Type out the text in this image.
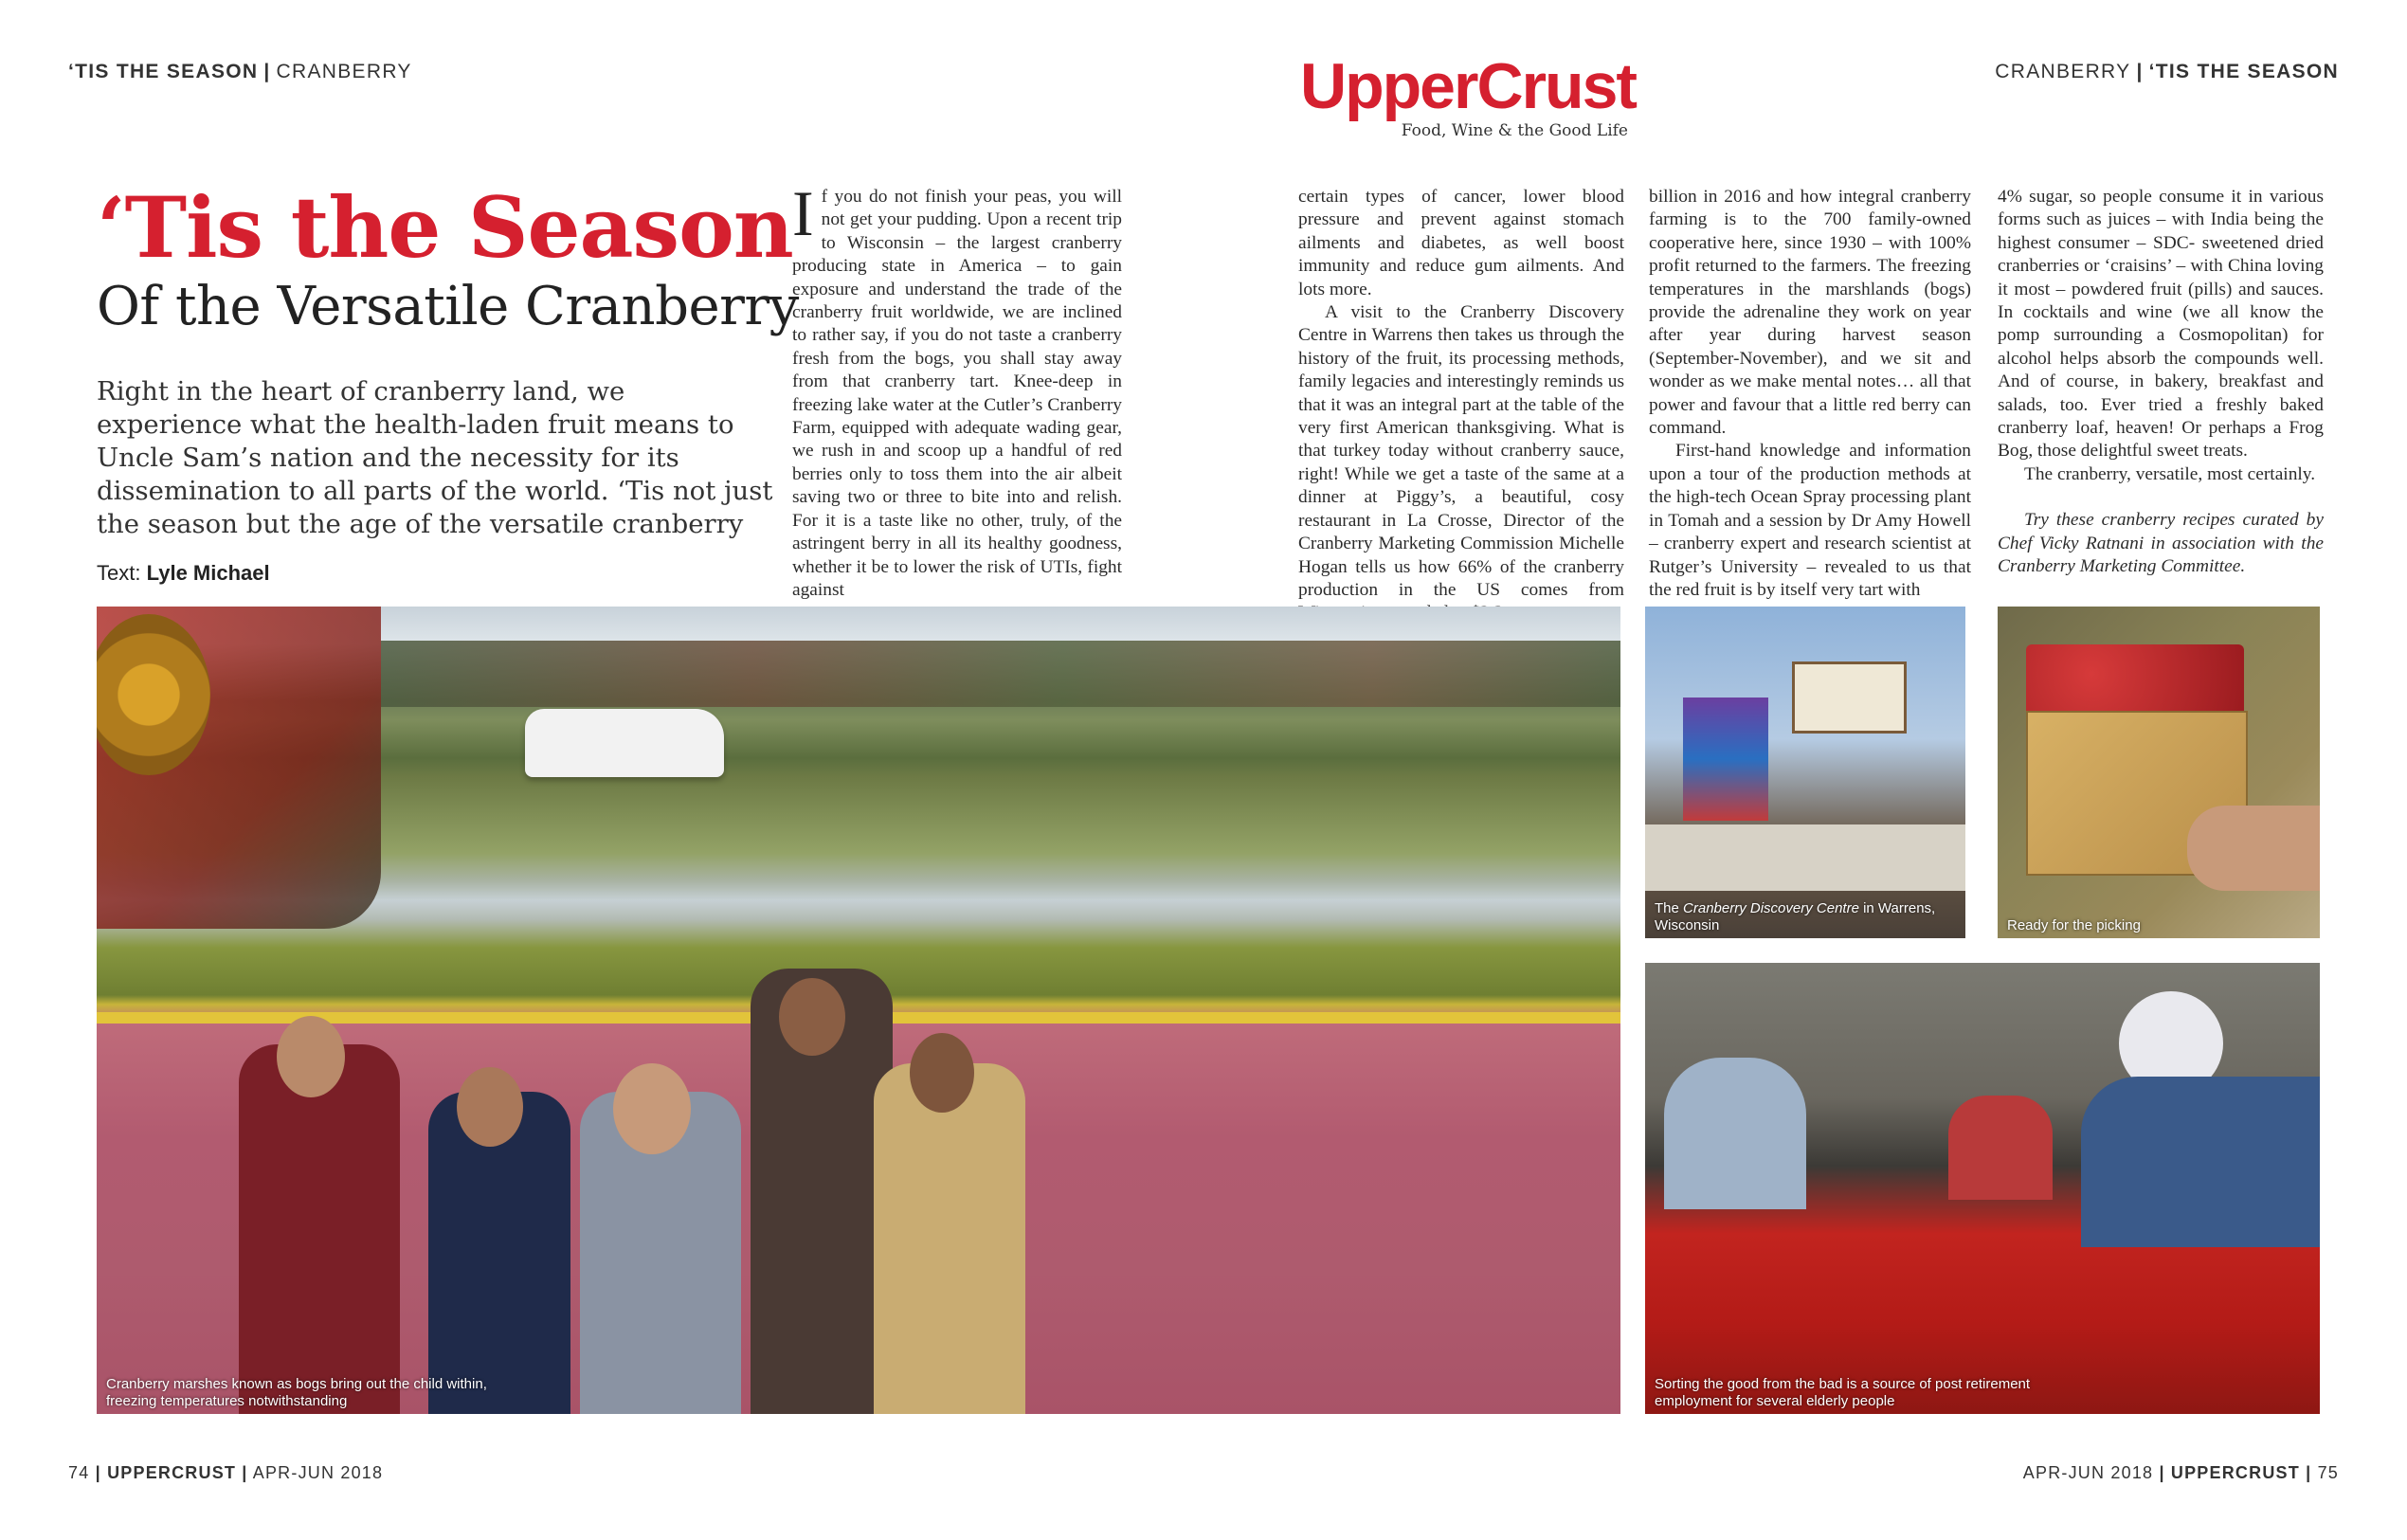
‘TIS THE SEASON | CRANBERRY	CRANBERRY | ‘TIS THE SEASON
UpperCrust
Food, Wine & the Good Life
‘Tis the Season
Of the Versatile Cranberry
Right in the heart of cranberry land, we experience what the health-laden fruit means to Uncle Sam’s nation and the necessity for its dissemination to all parts of the world. ‘Tis not just the season but the age of the versatile cranberry
Text: Lyle Michael
I f you do not finish your peas, you will not get your pudding. Upon a recent trip to Wisconsin – the largest cranberry producing state in America – to gain exposure and understand the trade of the cranberry fruit worldwide, we are inclined to rather say, if you do not taste a cranberry fresh from the bogs, you shall stay away from that cranberry tart. Knee-deep in freezing lake water at the Cutler’s Cranberry Farm, equipped with adequate wading gear, we rush in and scoop up a handful of red berries only to toss them into the air albeit saving two or three to bite into and relish. For it is a taste like no other, truly, of the astringent berry in all its healthy goodness, whether it be to lower the risk of UTIs, fight against

certain types of cancer, lower blood pressure and prevent against stomach ailments and diabetes, as well boost immunity and reduce gum ailments. And lots more.

A visit to the Cranberry Discovery Centre in Warrens then takes us through the history of the fruit, its processing methods, family legacies and interestingly reminds us that it was an integral part at the table of the very first American thanksgiving. What is that turkey today without cranberry sauce, right! While we get a taste of the same at a dinner at Piggy’s, a beautiful, cosy restaurant in La Crosse, Director of the Cranberry Marketing Commission Michelle Hogan tells us how 66% of the cranberry production in the US comes from

billion in 2016 and how integral cranberry farming is to the 700 family-owned cooperative here, since 1930 – with 100% profit returned to the farmers. The freezing temperatures in the marshlands (bogs) provide the adrenaline they work on year after year during harvest season (September-November), and we sit and wonder as we make mental notes… all that power and favour that a little red berry can command.

First-hand knowledge and information upon a tour of the production methods at the high-tech Ocean Spray processing plant in Tomah and a session by Dr Amy Howell – cranberry expert and research scientist at Rutger’s University – revealed to us that the red fruit is by itself very tart with

4% sugar, so people consume it in various forms such as juices – with India being the highest consumer – SDC- sweetened dried cranberries or ‘craisins’ – with China loving it most – powdered fruit (pills) and sauces. In cocktails and wine (we all know the pomp surrounding a Cosmopolitan) for alcohol helps absorb the compounds well. And of course, in bakery, breakfast and salads, too. Ever tried a freshly baked cranberry loaf, heaven! Or perhaps a Frog Bog, those delightful sweet treats.

The cranberry, versatile, most certainly.

Try these cranberry recipes curated by Chef Vicky Ratnani in association with the Cranberry Marketing Committee.

Cranberry marshes known as bogs bring out the child within, freezing temperatures notwithstanding
The Cranberry Discovery Centre in Warrens, Wisconsin	Ready for the picking
Sorting the good from the bad is a source of post retirement employment for several elderly people
74 | UPPERCRUST | APR-JUN 2018	APR-JUN 2018 | UPPERCRUST | 75
